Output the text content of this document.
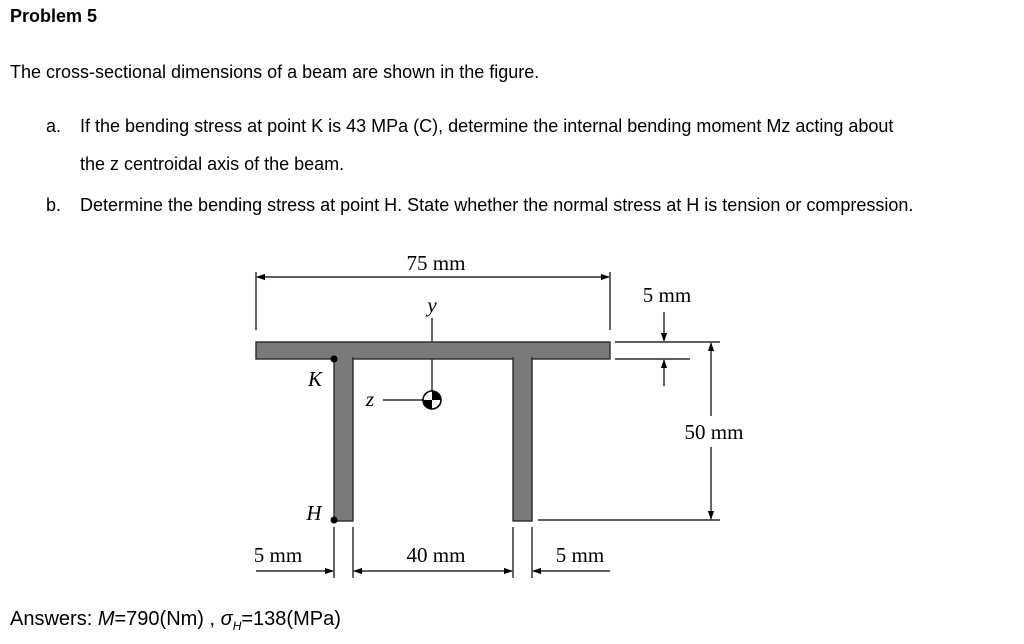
Problem 5
The cross-sectional dimensions of a beam are shown in the figure.
a. If the bending stress at point K is 43 MPa (C), determine the internal bending moment Mz acting about
the z centroidal axis of the beam.
b. Determine the bending stress at point H. State whether the normal stress at H is tension or compression.
75 mm
y
K
H
z
5 mm
50 mm
5 mm	40 mm	5 mm
Answers: M=790(Nm) , $\sigma_H=138(MPa)$
